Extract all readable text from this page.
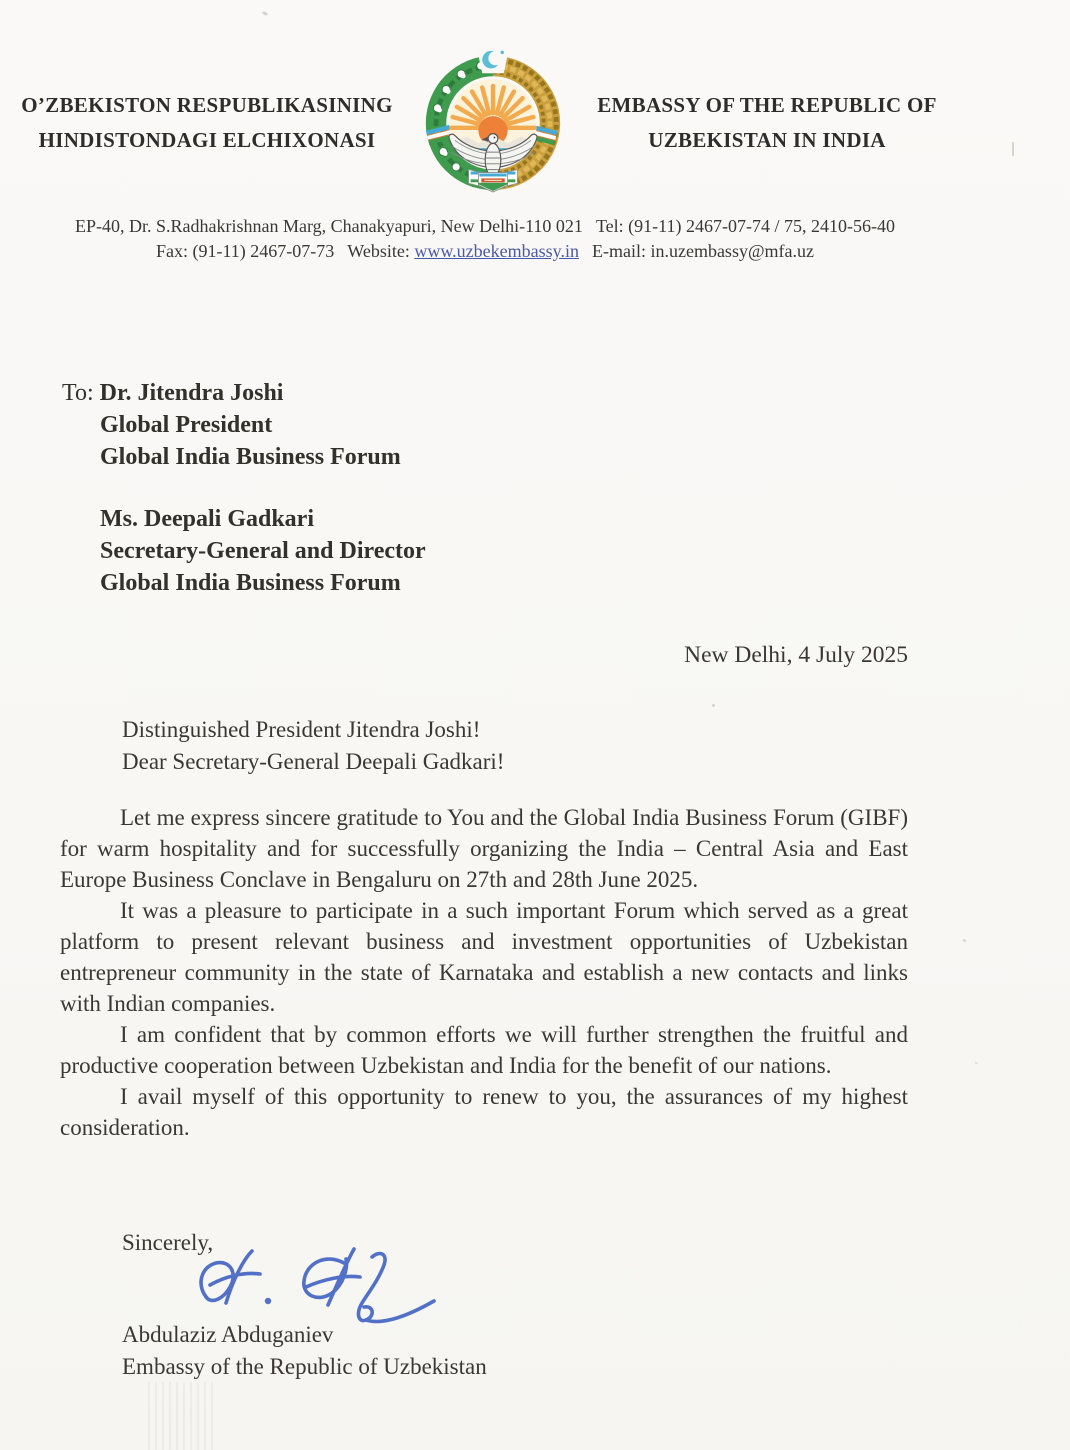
O’ZBEKISTON RESPUBLIKASINING
HINDISTONDAGI ELCHIXONASI
EMBASSY OF THE REPUBLIC OF
UZBEKISTAN IN INDIA
EP-40, Dr. S.Radhakrishnan Marg, Chanakyapuri, New Delhi-110 021 Tel: (91-11) 2467-07-74 / 75, 2410-56-40
Fax: (91-11) 2467-07-73 Website: www.uzbekembassy.in E-mail: in.uzembassy@mfa.uz
To: Dr. Jitendra Joshi
Global President
Global India Business Forum
Ms. Deepali Gadkari
Secretary-General and Director
Global India Business Forum
New Delhi, 4 July 2025
Distinguished President Jitendra Joshi!
Dear Secretary-General Deepali Gadkari!

Let me express sincere gratitude to You and the Global India Business Forum (GIBF) for warm hospitality and for successfully organizing the India – Central Asia and East Europe Business Conclave in Bengaluru on 27th and 28th June 2025.

It was a pleasure to participate in a such important Forum which served as a great platform to present relevant business and investment opportunities of Uzbekistan entrepreneur community in the state of Karnataka and establish a new contacts and links with Indian companies.

I am confident that by common efforts we will further strengthen the fruitful and productive cooperation between Uzbekistan and India for the benefit of our nations.

I avail myself of this opportunity to renew to you, the assurances of my highest consideration.

Sincerely,
Abdulaziz Abduganiev
Embassy of the Republic of Uzbekistan
